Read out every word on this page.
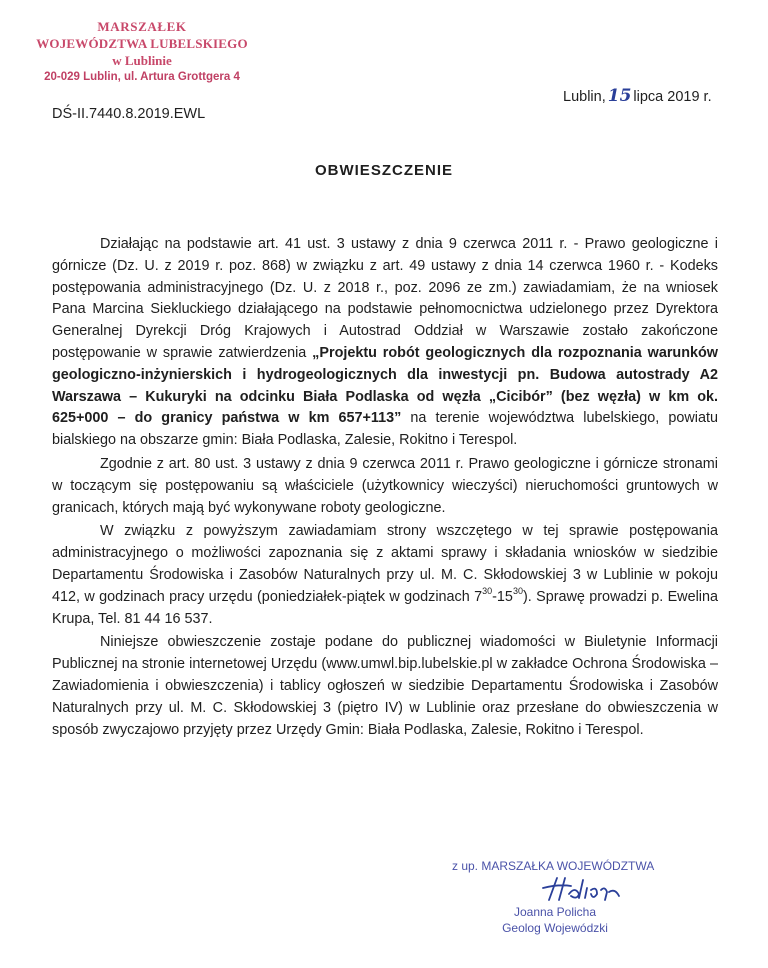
MARSZAŁEK
WOJEWÓDZTWA LUBELSKIEGO
w Lublinie
20-029 Lublin, ul. Artura Grottgera 4
Lublin, 15 lipca 2019 r.
DŚ-II.7440.8.2019.EWL
OBWIESZCZENIE

Działając na podstawie art. 41 ust. 3 ustawy z dnia 9 czerwca 2011 r. - Prawo geologiczne i górnicze (Dz. U. z 2019 r. poz. 868) w związku z art. 49 ustawy z dnia 14 czerwca 1960 r. - Kodeks postępowania administracyjnego (Dz. U. z 2018 r., poz. 2096 ze zm.) zawiadamiam, że na wniosek Pana Marcina Siekluckiego działającego na podstawie pełnomocnictwa udzielonego przez Dyrektora Generalnej Dyrekcji Dróg Krajowych i Autostrad Oddział w Warszawie zostało zakończone postępowanie w sprawie zatwierdzenia „Projektu robót geologicznych dla rozpoznania warunków geologiczno-inżynierskich i hydrogeologicznych dla inwestycji pn. Budowa autostrady A2 Warszawa – Kukuryki na odcinku Biała Podlaska od węzła „Cicibór” (bez węzła) w km ok. 625+000 – do granicy państwa w km 657+113” na terenie województwa lubelskiego, powiatu bialskiego na obszarze gmin: Biała Podlaska, Zalesie, Rokitno i Terespol.

Zgodnie z art. 80 ust. 3 ustawy z dnia 9 czerwca 2011 r. Prawo geologiczne i górnicze stronami w toczącym się postępowaniu są właściciele (użytkownicy wieczyści) nieruchomości gruntowych w granicach, których mają być wykonywane roboty geologiczne.

W związku z powyższym zawiadamiam strony wszczętego w tej sprawie postępowania administracyjnego o możliwości zapoznania się z aktami sprawy i składania wniosków w siedzibie Departamentu Środowiska i Zasobów Naturalnych przy ul. M. C. Skłodowskiej 3 w Lublinie w pokoju 412, w godzinach pracy urzędu (poniedziałek-piątek w godzinach $7^{30}-15^{30}$). Sprawę prowadzi p. Ewelina Krupa, Tel. 81 44 16 537.

Niniejsze obwieszczenie zostaje podane do publicznej wiadomości w Biuletynie Informacji Publicznej na stronie internetowej Urzędu (www.umwl.bip.lubelskie.pl w zakładce Ochrona Środowiska – Zawiadomienia i obwieszczenia) i tablicy ogłoszeń w siedzibie Departamentu Środowiska i Zasobów Naturalnych przy ul. M. C. Skłodowskiej 3 (piętro IV) w Lublinie oraz przesłane do obwieszczenia w sposób zwyczajowo przyjęty przez Urzędy Gmin: Biała Podlaska, Zalesie, Rokitno i Terespol.

z up. MARSZAŁKA WOJEWÓDZTWA
Joanna Policha
Geolog Wojewódzki
